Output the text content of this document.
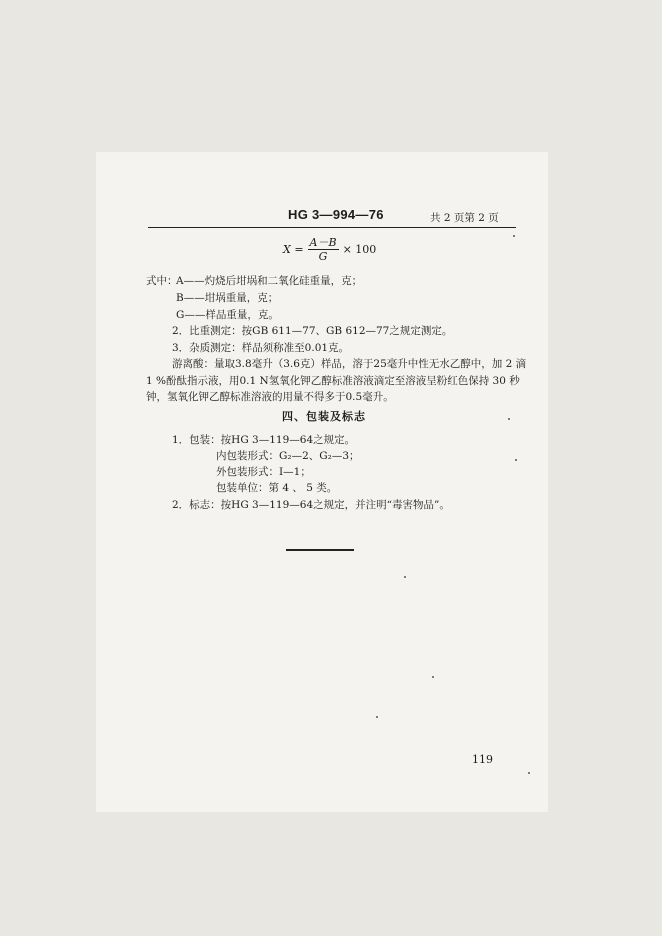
HG 3—994—76	共 2 页第 2 页
$X = \frac{A-B}{G} \times 100$
式中：
A——灼烧后坩埚和二氧化硅重量，克；
B——坩埚重量，克；
G——样品重量，克。
2．比重测定：按GB 611—77、GB 612—77之规定测定。
3．杂质测定：样品须称准至0.01克。
游离酸：量取3.8毫升（3.6克）样品，溶于25毫升中性无水乙醇中，加 2 滴
1 %酚酞指示液，用0.1 N氢氧化钾乙醇标准溶液滴定至溶液呈粉红色保持 30 秒
钟，氢氧化钾乙醇标准溶液的用量不得多于0.5毫升。
四、包装及标志
1．包装：按HG 3—119—64之规定。
内包装形式：G₂—2、G₂—3；
外包装形式：Ⅰ—1；
包装单位：第 4 、 5 类。
2．标志：按HG 3—119—64之规定，并注明“毒害物品”。
119
